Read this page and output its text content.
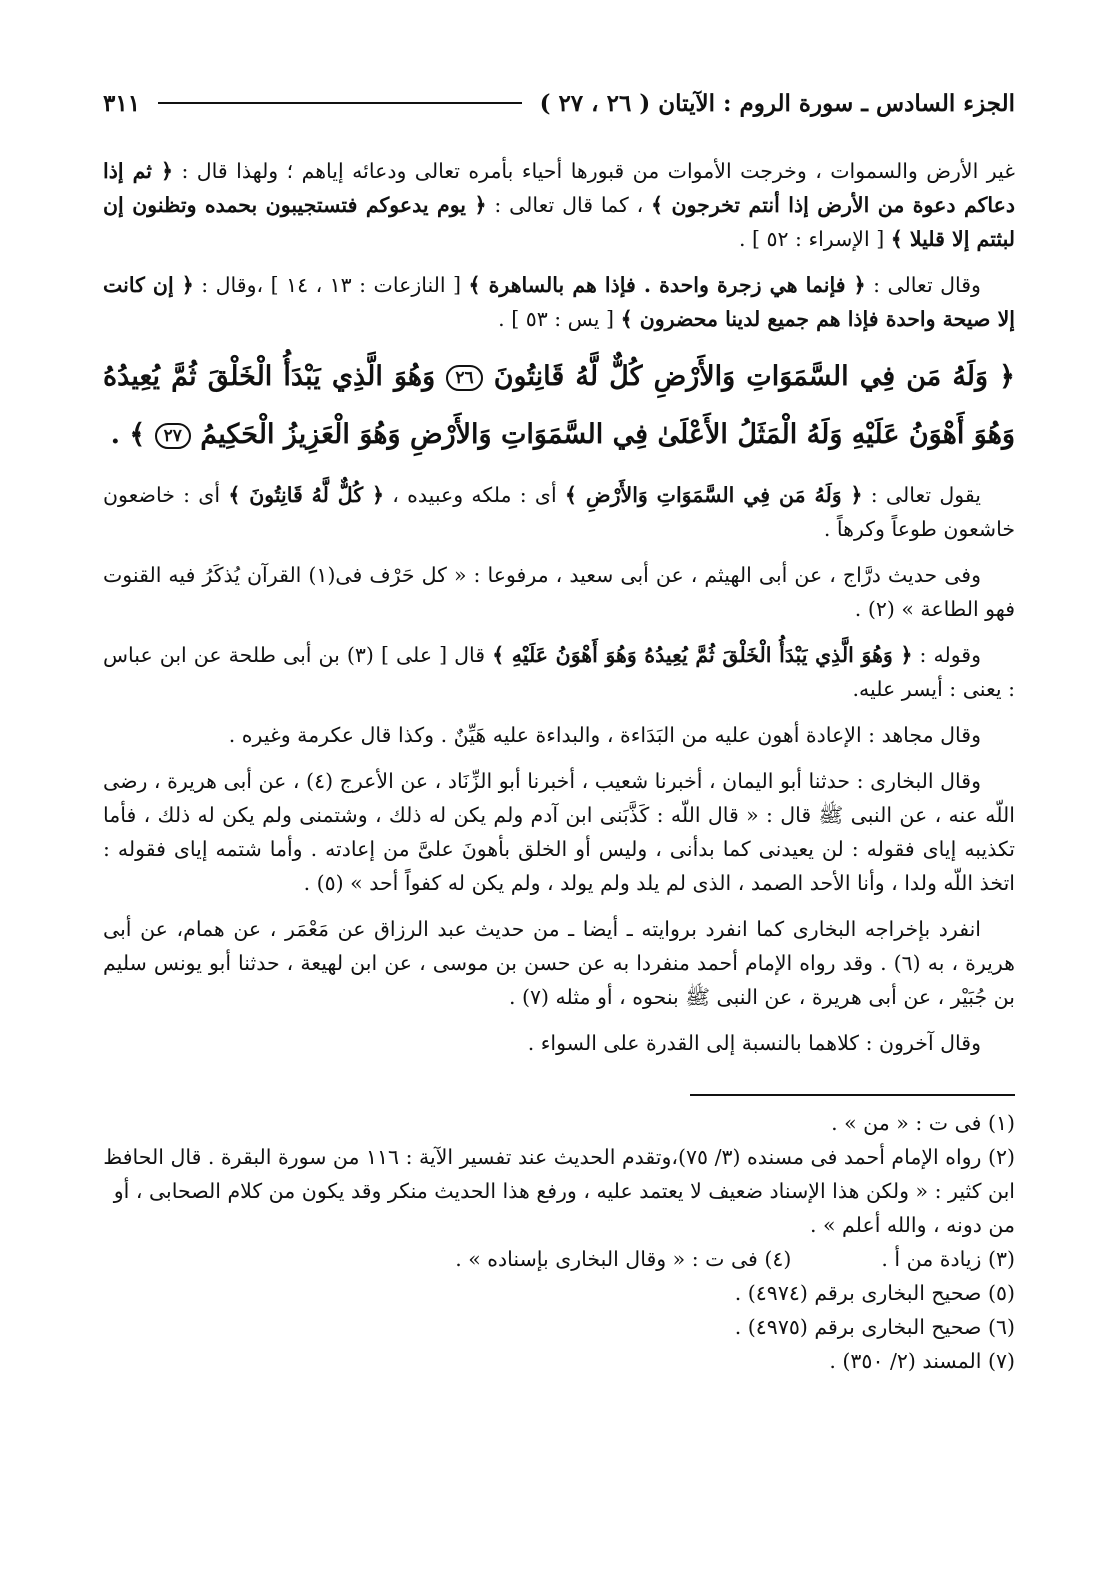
الجزء السادس ـ سورة الروم : الآيتان ( ٢٦ ، ٢٧ )
٣١١

غير الأرض والسموات ، وخرجت الأموات من قبورها أحياء بأمره تعالى ودعائه إياهم ؛ ولهذا قال : ﴿ ثم إذا دعاكم دعوة من الأرض إذا أنتم تخرجون ﴾ ، كما قال تعالى : ﴿ يوم يدعوكم فتستجيبون بحمده وتظنون إن لبثتم إلا قليلا ﴾ [ الإسراء : ٥٢ ] .

وقال تعالى : ﴿ فإنما هي زجرة واحدة . فإذا هم بالساهرة ﴾ [ النازعات : ١٣ ، ١٤ ] ،وقال : ﴿ إن كانت إلا صيحة واحدة فإذا هم جميع لدينا محضرون ﴾ [ يس : ٥٣ ] .

﴿ وَلَهُ مَن فِي السَّمَوَاتِ وَالأَرْضِ كُلٌّ لَّهُ قَانِتُونَ ٢٦ وَهُوَ الَّذِي يَبْدَأُ الْخَلْقَ ثُمَّ يُعِيدُهُ وَهُوَ أَهْوَنُ عَلَيْهِ وَلَهُ الْمَثَلُ الأَعْلَىٰ فِي السَّمَوَاتِ وَالأَرْضِ وَهُوَ الْعَزِيزُ الْحَكِيمُ ٢٧ ﴾ .

يقول تعالى : ﴿ وَلَهُ مَن فِي السَّمَوَاتِ وَالأَرْضِ ﴾ أى : ملكه وعبيده ، ﴿ كُلٌّ لَّهُ قَانِتُونَ ﴾ أى : خاضعون خاشعون طوعاً وكرهاً .

وفى حديث درَّاج ، عن أبى الهيثم ، عن أبى سعيد ، مرفوعا : « كل حَرْف فى(١) القرآن يُذكَرُ فيه القنوت فهو الطاعة » (٢) .

وقوله : ﴿ وَهُوَ الَّذِي يَبْدَأُ الْخَلْقَ ثُمَّ يُعِيدُهُ وَهُوَ أَهْوَنُ عَلَيْهِ ﴾ قال [ على ] (٣) بن أبى طلحة عن ابن عباس : يعنى : أيسر عليه.

وقال مجاهد : الإعادة أهون عليه من البَدَاءة ، والبداءة عليه هَيِّنٌ . وكذا قال عكرمة وغيره .

وقال البخارى : حدثنا أبو اليمان ، أخبرنا شعيب ، أخبرنا أبو الزِّنَاد ، عن الأعرج (٤) ، عن أبى هريرة ، رضى اللّه عنه ، عن النبى ﷺ قال : « قال اللّه : كَذَّبَنى ابن آدم ولم يكن له ذلك ، وشتمنى ولم يكن له ذلك ، فأما تكذيبه إياى فقوله : لن يعيدنى كما بدأنى ، وليس أو الخلق بأهونَ علىَّ من إعادته . وأما شتمه إياى فقوله : اتخذ اللّه ولدا ، وأنا الأحد الصمد ، الذى لم يلد ولم يولد ، ولم يكن له كفواً أحد » (٥) .

انفرد بإخراجه البخارى كما انفرد بروايته ـ أيضا ـ من حديث عبد الرزاق عن مَعْمَر ، عن همام، عن أبى هريرة ، به (٦) . وقد رواه الإمام أحمد منفردا به عن حسن بن موسى ، عن ابن لهيعة ، حدثنا أبو يونس سليم بن جُبَيْر ، عن أبى هريرة ، عن النبى ﷺ بنحوه ، أو مثله (٧) .

وقال آخرون : كلاهما بالنسبة إلى القدرة على السواء .

(١) فى ت : « من » .

(٢) رواه الإمام أحمد فى مسنده (٣/ ٧٥)،وتقدم الحديث عند تفسير الآية : ١١٦ من سورة البقرة . قال الحافظ ابن كثير : « ولكن هذا الإسناد ضعيف لا يعتمد عليه ، ورفع هذا الحديث منكر وقد يكون من كلام الصحابى ، أو من دونه ، والله أعلم » .

(٣) زيادة من أ .

(٤) فى ت : « وقال البخارى بإسناده » .

(٥) صحيح البخارى برقم (٤٩٧٤) .

(٦) صحيح البخارى برقم (٤٩٧٥) .

(٧) المسند (٢/ ٣٥٠) .
